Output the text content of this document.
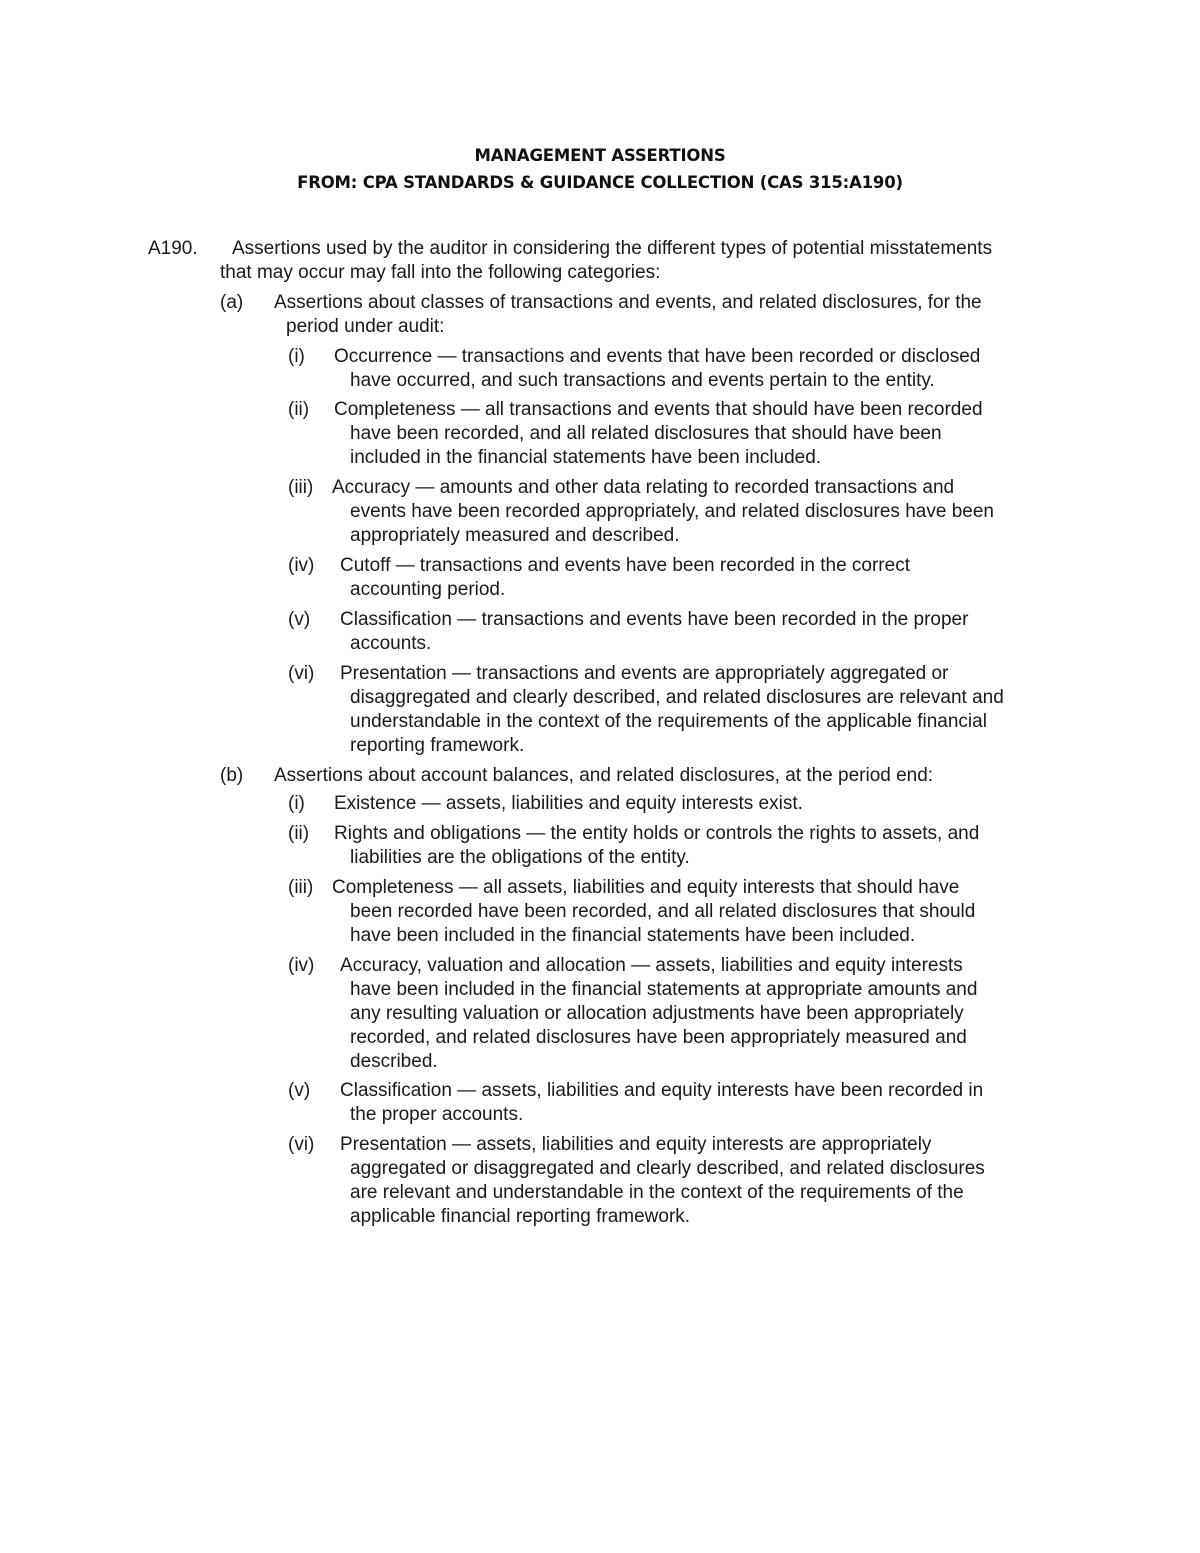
MANAGEMENT ASSERTIONS
FROM: CPA STANDARDS & GUIDANCE COLLECTION (CAS 315:A190)
A190.	Assertions used by the auditor in considering the different types of potential misstatements
that may occur may fall into the following categories:
(a) Assertions about classes of transactions and events, and related disclosures, for the
period under audit:
(i) Occurrence — transactions and events that have been recorded or disclosed
have occurred, and such transactions and events pertain to the entity.
(ii) Completeness — all transactions and events that should have been recorded
have been recorded, and all related disclosures that should have been
included in the financial statements have been included.
(iii) Accuracy — amounts and other data relating to recorded transactions and
events have been recorded appropriately, and related disclosures have been
appropriately measured and described.
(iv) Cutoff — transactions and events have been recorded in the correct
accounting period.
(v) Classification — transactions and events have been recorded in the proper
accounts.
(vi) Presentation — transactions and events are appropriately aggregated or
disaggregated and clearly described, and related disclosures are relevant and
understandable in the context of the requirements of the applicable financial
reporting framework.
(b) Assertions about account balances, and related disclosures, at the period end:
(i) Existence — assets, liabilities and equity interests exist.
(ii) Rights and obligations — the entity holds or controls the rights to assets, and
liabilities are the obligations of the entity.
(iii) Completeness — all assets, liabilities and equity interests that should have
been recorded have been recorded, and all related disclosures that should
have been included in the financial statements have been included.
(iv) Accuracy, valuation and allocation — assets, liabilities and equity interests
have been included in the financial statements at appropriate amounts and
any resulting valuation or allocation adjustments have been appropriately
recorded, and related disclosures have been appropriately measured and
described.
(v) Classification — assets, liabilities and equity interests have been recorded in
the proper accounts.
(vi) Presentation — assets, liabilities and equity interests are appropriately
aggregated or disaggregated and clearly described, and related disclosures
are relevant and understandable in the context of the requirements of the
applicable financial reporting framework.
